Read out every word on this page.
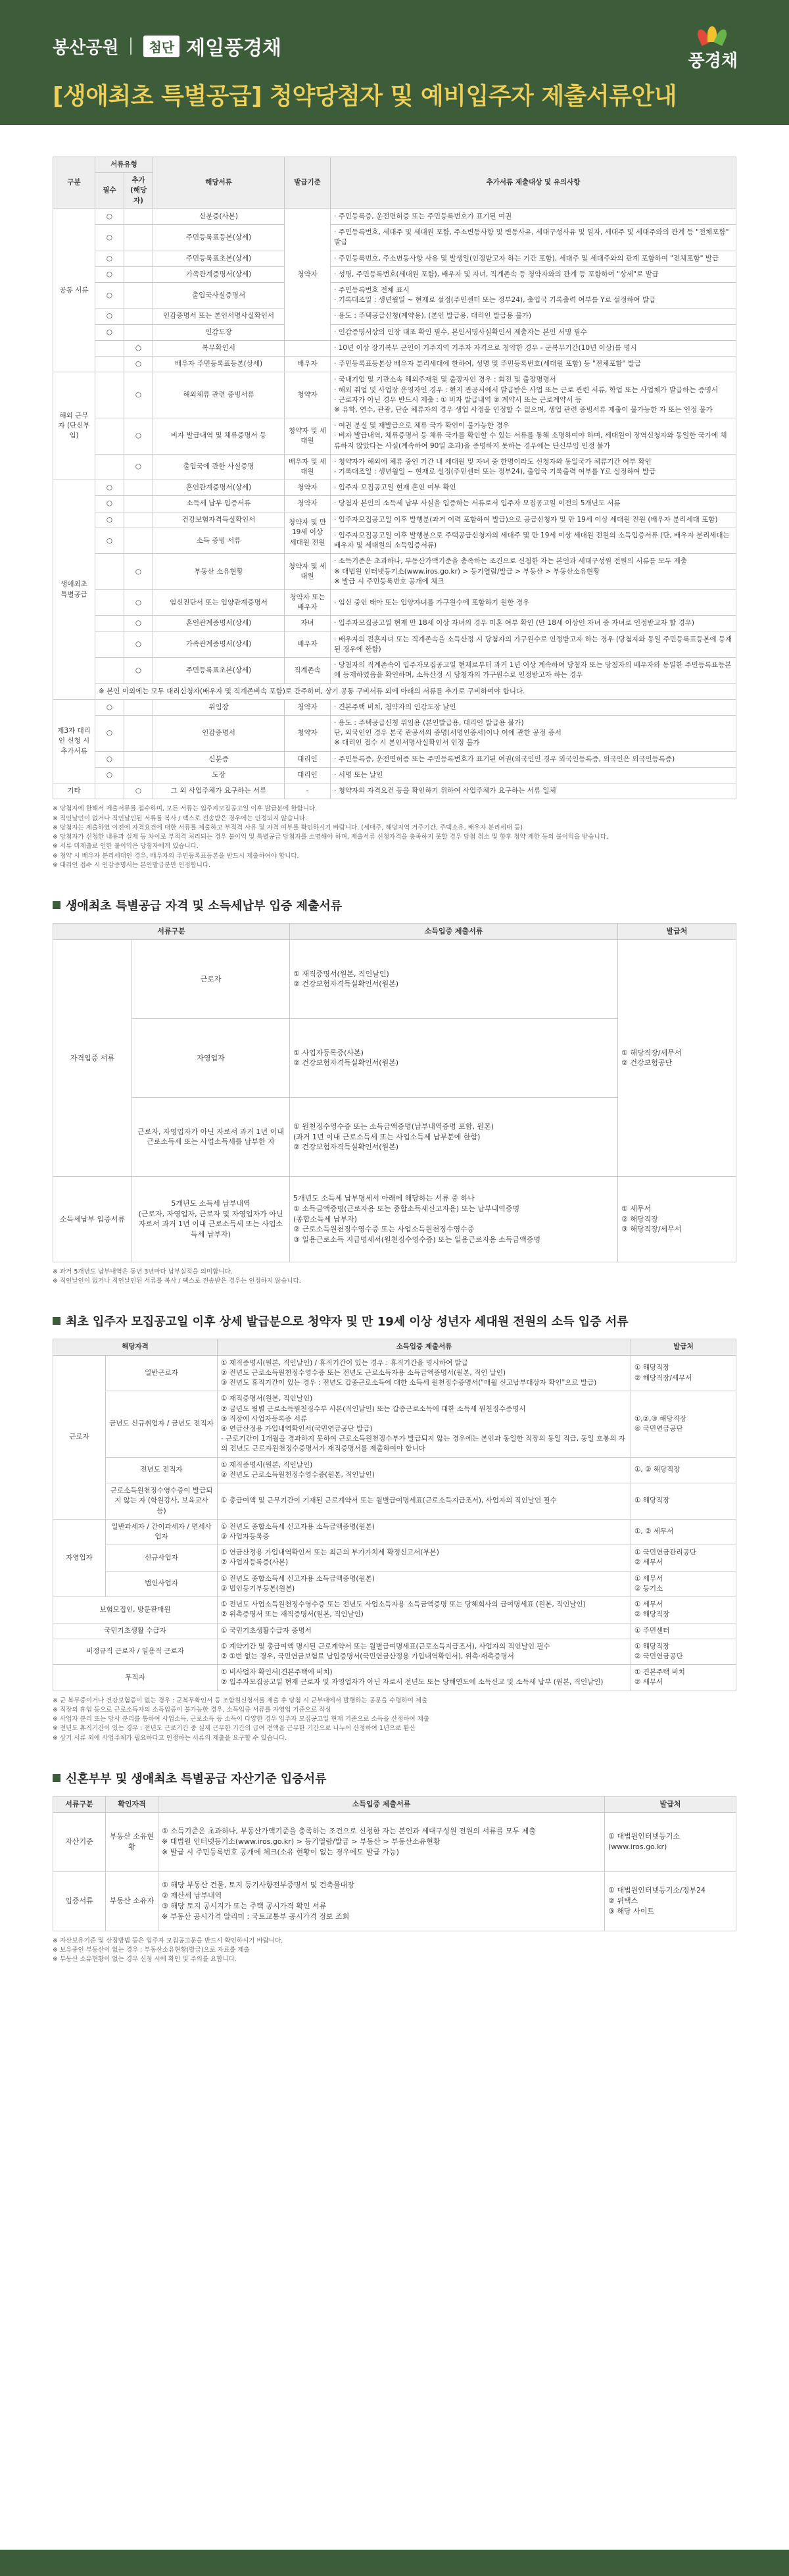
봉산공원	첨단 제일풍경채
[생애최초 특별공급] 청약당첨자 및 예비입주자 제출서류안내
풍경채
구분	서류유형		해당서류	발급기준	추가서류 제출대상 및 유의사항
	필수	추가 (해당자)			
공통 서류	○		신분증(사본)	청약자	· 주민등록증, 운전면허증 또는 주민등록번호가 표기된 여권
	○		주민등록표등본(상세)		· 주민등록번호, 세대주 및 세대원 포함, 주소변동사항 및 변동사유, 세대구성사유 및 일자, 세대주 및 세대주와의 관계 등 "전체포함" 발급
	○		주민등록표초본(상세)		· 주민등록번호, 주소변동사항 사유 및 발생일(인정받고자 하는 기간 포함), 세대주 및 세대주와의 관계 포함하여 "전체포함" 발급
	○		가족관계증명서(상세)		· 성명, 주민등록번호(세대원 포함), 배우자 및 자녀, 직계존속 등 청약자와의 관계 등 포함하여 "상세"로 발급
	○		출입국사실증명서		· 주민등록번호 전체 표시
· 기록대조일 : 생년월일 ~ 현재로 설정(주민센터 또는 정부24), 출입국 기록출력 여부를 Y로 설정하여 발급
	○		인감증명서 또는 본인서명사실확인서		· 용도 : 주택공급신청(계약용), (본인 발급용, 대리인 발급용 불가)
	○		인감도장		· 인감증명서상의 인장 대조 확인 필수, 본인서명사실확인서 제출자는 본인 서명 필수
		○	복무확인서		· 10년 이상 장기복무 군인이 거주지역 거주자 자격으로 청약한 경우 - 군복무기간(10년 이상)를 명시
		○	배우자 주민등록표등본(상세)	배우자	· 주민등록표등본상 배우자 분리세대에 한하여, 성명 및 주민등록번호(세대원 포함) 등 "전체포함" 발급
해외 근무자 (단신부임)		○	해외체류 관련 증빙서류	청약자	· 국내기업 및 기관소속 해외주재원 및 출장자인 경우 : 회전 및 출장명령서
· 해외 취업 및 사업장 운영자인 경우 : 현지 관공서에서 발급받은 사업 또는 근로 관련 서류, 학업 또는 사업체가 발급하는 증명서
· 근로자가 아닌 경우 반드시 제출 : ① 비자 발급내역 ② 계약서 또는 근로계약서 등
※ 유학, 연수, 관광, 단순 체류자의 경우 생업 사정을 인정할 수 없으며, 생업 관련 증빙서류 제출이 불가능한 자 또는 인정 불가
		○	비자 발급내역 및 체류증명서 등	청약자 및 세대원	· 여권 분실 및 재발급으로 체류 국가 확인이 불가능한 경우
· 비자 발급내역, 체류증명서 등 체류 국가를 확인할 수 있는 서류를 통해 소명하여야 하며, 세대원이 장역신청자와 동일한 국가에 체류하지 않았다는 사실(계속하여 90일 초과)을 증명하지 못하는 경우에는 단신부임 인정 불가
		○	출입국에 관한 사실증명	배우자 및 세대원	· 청약자가 해외에 체류 중인 기간 내 세대원 및 자녀 중 한명이라도 신청자와 동일국가 체류기간 여부 확인
· 기록대조일 : 생년월일 ~ 현재로 설정(주민센터 또는 정부24), 출입국 기록출력 여부를 Y로 설정하여 발급
생애최초 특별공급	○		혼인관계증명서(상세)	청약자	· 입주자 모집공고일 현재 혼인 여부 확인
	○		소득세 납부 입증서류	청약자	· 당첨자 본인의 소득세 납부 사실을 입증하는 서류로서 입주자 모집공고일 이전의 5개년도 서류
	○		건강보험자격득실확인서	청약자 및 만 19세 이상 세대원 전원	· 입주자모집공고일 이후 발행분(과거 이력 포함하여 발급)으로 공급신청자 및 만 19세 이상 세대원 전원 (배우자 분리세대 포함)
	○		소득 증빙 서류		· 입주자모집공고일 이후 발행분으로 주택공급신청자의 세대주 및 만 19세 이상 세대원 전원의 소득입증서류 (단, 배우자 분리세대는 배우자 및 세대원의 소득입증서류)
		○	부동산 소유현황	청약자 및 세대원	· 소득기준은 초과하나, 부동산가액기준을 충족하는 조건으로 신청한 자는 본인과 세대구성원 전원의 서류를 모두 제출
※ 대법원 인터넷등기소(www.iros.go.kr) > 등기열람/발급 > 부동산 > 부동산소유현황
※ 발급 시 주민등록번호 공개에 체크
		○	임신진단서 또는 입양관계증명서	청약자 또는 배우자	· 임신 중인 태아 또는 입양자녀를 가구원수에 포함하기 원한 경우
		○	혼인관계증명서(상세)	자녀	· 입주자모집공고일 현재 만 18세 이상 자녀의 경우 미혼 여부 확인 (만 18세 이상인 자녀 중 자녀로 인정받고자 할 경우)
		○	가족관계증명서(상세)	배우자	· 배우자의 전혼자녀 또는 직계존속을 소득산정 시 당첨자의 가구원수로 인정받고자 하는 경우 (당첨자와 동일 주민등록표등본에 등재된 경우에 한함)
		○	주민등록표초본(상세)	직계존속	· 당첨자의 직계존속이 입주자모집공고일 현재로부터 과거 1년 이상 계속하여 당첨자 또는 당첨자의 배우자와 동일한 주민등록표등본에 등재하였음을 확인하며, 소득산정 시 당첨자의 가구원수로 인정받고자 하는 경우
	※ 본인 이외에는 모두 대리신청자(배우자 및 직계존비속 포함)로 간주하며, 상기 공통 구비서류 외에 아래의 서류를 추가로 구비하여야 합니다.				
제3자 대리인 신청 시 추가서류	○		위임장	청약자	· 견본주택 비치, 청약자의 인감도장 날인
	○		인감증명서	청약자	· 용도 : 주택공급신청 위임용 (본인발급용, 대리인 발급용 불가)
단, 외국인인 경우 본국 관공서의 증명(서명인증서)이나 이에 관한 공정 증서
※ 대리인 접수 시 본인서명사실확인서 인정 불가
	○		신분증	대리인	· 주민등록증, 운전면허증 또는 주민등록번호가 표기된 여권(외국인인 경우 외국인등록증, 외국인은 외국인등록증)
	○		도장	대리인	· 서명 또는 날인
기타		○	그 외 사업주체가 요구하는 서류	-	· 청약자의 자격요건 등을 확인하기 위하여 사업주체가 요구하는 서류 일체
※ 당첨자에 한해서 제출서류를 접수하며, 모든 서류는 입주자모집공고일 이후 발급분에 한합니다.
※ 직인날인이 없거나 직인날인된 서류를 복사 / 팩스로 전송받은 경우에는 인정되지 않습니다.
※ 당첨자는 제출하였 이전에 자격요건에 대한 서류를 제출하고 부적격 사유 및 자격 여부를 확인하시기 바랍니다. (세대주, 해당지역 거주기간, 주택소유, 배우자 분리세대 등)
※ 당첨자가 신청한 내용과 실제 등 차이로 부적격 처리되는 경우 불이익 및 특별공급 당첨자를 소명해야 하며, 제출서류 신청자격을 충족하지 못할 경우 당첨 취소 및 향후 청약 제한 등의 불이익을 받습니다.
※ 서류 미제출로 인한 불이익은 당첨자에게 있습니다.
※ 청약 시 배우자 분리세대인 경우, 배우자의 주민등록표등본을 반드시 제출하여야 합니다.
※ 대리인 접수 시 인감증명서는 본인발급분만 인정합니다.
생애최초 특별공급 자격 및 소득세납부 입증 제출서류
서류구분		소득입증 제출서류	발급처
자격입증 서류	근로자	① 재직증명서(원본, 직인날인)
② 건강보험자격득실확인서(원본)	① 해당직장/세무서
② 건강보험공단
	자영업자	① 사업자등록증(사본)
② 건강보험자격득실확인서(원본)	
	근로자, 자영업자가 아닌 자로서 과거 1년 이내 근로소득세 또는 사업소득세를 납부한 자	① 원천징수영수증 또는 소득금액증명(납부내역증명 포함, 원본)
(과거 1년 이내 근로소득세 또는 사업소득세 납부분에 한함)
② 건강보험자격득실확인서(원본)	
소득세납부 입증서류	5개년도 소득세 납부내역
(근로자, 자영업자, 근로자 및 자영업자가 아닌 자로서 과거 1년 이내 근로소득세 또는 사업소득세 납부자)	5개년도 소득세 납부명세서 아래에 해당하는 서류 중 하나
① 소득금액증명(근로자용 또는 종합소득세신고자용) 또는 납부내역증명
(종합소득세 납부자)
② 근로소득원천징수영수증 또는 사업소득원천징수영수증
③ 일용근로소득 지급명세서(원천징수영수증) 또는 일용근로자용 소득금액증명	① 세무서
② 해당직장
③ 해당직장/세무서
※ 과거 5개년도 납부내역은 동년 3년마다 납부실적을 의미합니다.
※ 직인날인이 없거나 직인날인된 서류를 복사 / 팩스로 전송받은 경우는 인정하지 않습니다.
최초 입주자 모집공고일 이후 상세 발급분으로 청약자 및 만 19세 이상 성년자 세대원 전원의 소득 입증 서류
해당자격		소득입증 제출서류	발급처
근로자	일반근로자	① 재직증명서(원본, 직인날인) / 휴직기간이 있는 경우 : 휴직기간을 명시하여 발급
② 전년도 근로소득원천징수영수증 또는 전년도 근로소득자용 소득금액증명서(원본, 직인 날인)
③ 전년도 휴직기간이 있는 경우 : 전년도 갑종근로소득에 대한 소득세 원천징수증명서("매월 신고납부대상자 확인"으로 발급)	① 해당직장
② 해당직장/세무서
	금년도 신규취업자 / 금년도 전직자	① 재직증명서(원본, 직인날인)
② 금년도 월별 근로소득원천징수부 사본(직인날인) 또는 갑종근로소득에 대한 소득세 원천징수증명서
③ 직장에 사업자등록증 서류
④ 연금산정용 가입내역확인서(국민연금공단 발급)
- 근로기간이 1개월을 경과하지 못하여 근로소득원천징수부가 발급되지 않는 경우에는 본인과 동일한 직장의 동일 직급, 동일 호봉의 자의 전년도 근로자원천징수증명서가 재직증명서를 제출하여야 합니다	①,②,③ 해당직장
④ 국민연금공단
	전년도 전직자	① 재직증명서(원본, 직인날인)
② 전년도 근로소득원천징수영수증(원본, 직인날인)	①, ② 해당직장
	근로소득원천징수영수증이 발급되지 않는 자 (학원강사, 보육교사 등)	① 총급여액 및 근무기간이 기재된 근로계약서 또는 월별급여명세표(근로소득지급조서), 사업자의 직인날인 필수	① 해당직장
자영업자	일반과세자 / 간이과세자 / 면세사업자	① 전년도 종합소득세 신고자용 소득금액증명(원본)
② 사업자등록증	①, ② 세무서
	신규사업자	① 연금산정용 가입내역확인서 또는 최근의 부가가치세 확정신고서(부본)
② 사업자등록증(사본)	① 국민연금관리공단
② 세무서
	법인사업자	① 전년도 종합소득세 신고자용 소득금액증명(원본)
② 법인등기부등본(원본)	① 세무서
② 등기소
보험모집인, 방문판매원		① 전년도 사업소득원천징수영수증 또는 전년도 사업소득자용 소득금액증명 또는 당해회사의 급여명세표 (원본, 직인날인)
② 위촉증명서 또는 재직증명서(원본, 직인날인)	① 세무서
② 해당직장
국민기초생활 수급자		① 국민기초생활수급자 증명서	① 주민센터
비정규직 근로자 / 일용직 근로자		① 계약기간 및 총급여액 명시된 근로계약서 또는 월별급여명세표(근로소득지급조서), 사업자의 직인날인 필수
② ①번 없는 경우, 국민연금보험료 납입증명서(국민연금산정용 가입내역확인서), 위촉·재촉증명서	① 해당직장
② 국민연금공단
무직자		① 비사업자 확인서(견본주택에 비치)
② 입주자모집공고일 현재 근로자 및 자영업자가 아닌 자로서 전년도 또는 당해연도에 소득신고 및 소득세 납부 (원본, 직인날인)	① 견본주택 비치
② 세무서
※ 군 복무중이거나 건강보험증이 없는 경우 : 군복무확인서 등 조합원신청서를 제출 후 당첨 시 군부대에서 발행하는 공문을 수령하여 제출
※ 직장의 휴업 등으로 근로소득자의 소득입증이 불가능한 경우, 소득입증 서류를 자영업 기준으로 작성
※ 사업자 분리 또는 당사 분리를 통하여 사업소득, 근로소득 등 소득이 다양한 경우 입주자 모집공고일 현재 기준으로 소득을 산정하여 제출
※ 전년도 휴직기간이 있는 경우 : 전년도 근로기간 중 실제 근무한 기간의 급여 전액을 근무한 기간으로 나누어 산정하여 1년으로 환산
※ 상기 서류 외에 사업주체가 필요하다고 인정하는 서류의 제출을 요구할 수 있습니다.
신혼부부 및 생애최초 특별공급 자산기준 입증서류
서류구분	확인자격	소득입증 제출서류	발급처
자산기준	부동산 소유현황	① 소득기준은 초과하나, 부동산가액기준을 충족하는 조건으로 신청한 자는 본인과 세대구성원 전원의 서류를 모두 제출
※ 대법원 인터넷등기소(www.iros.go.kr) > 등기열람/발급 > 부동산 > 부동산소유현황
※ 발급 시 주민등록번호 공개에 체크(소유 현황이 없는 경우에도 발급 가능)	① 대법원인터넷등기소 (www.iros.go.kr)
입증서류	부동산 소유자	① 해당 부동산 건물, 토지 등기사항전부증명서 및 건축물대장
② 재산세 납부내역
③ 해당 토지 공시지가 또는 주택 공시가격 확인 서류
※ 부동산 공시가격 알리미 : 국토교통부 공시가격 정보 조회	① 대법원인터넷등기소/정부24
② 위택스
③ 해당 사이트
※ 자산보유기준 및 산정방법 등은 입주자 모집공고문을 반드시 확인하시기 바랍니다.
※ 보유중인 부동산이 없는 경우 : 부동산소유현황(발급)으로 자료를 제출
※ 부동산 소유현황이 없는 경우 신청 시에 확인 및 주의를 요합니다.
